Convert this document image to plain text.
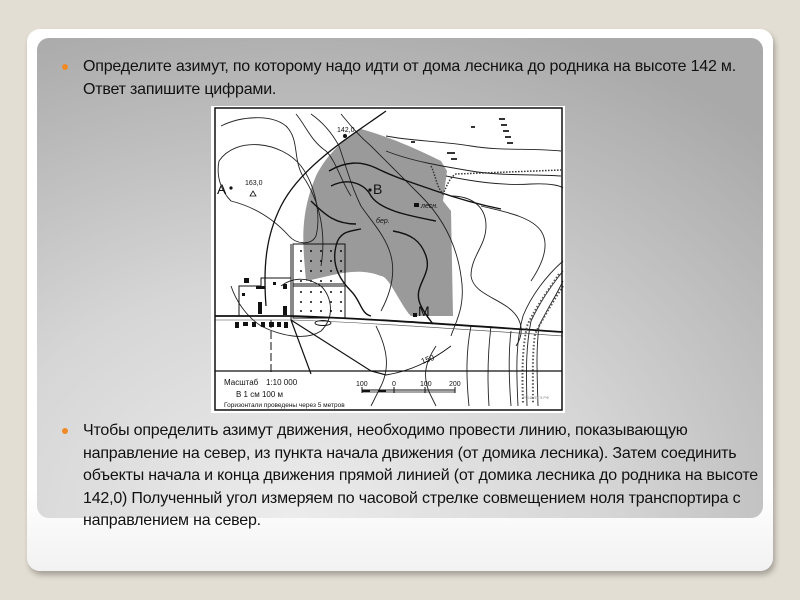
Определите азимут, по которому надо идти от дома лесника до родника на высоте 142 м. Ответ запишите цифрами.
A	163,0
142,0
B
лесн.
бер.
M
150
Масштаб 1:10 000
В 1 см 100 м
Горизонтали проведены через 5 метров
100	0	100 200
РЕШУЕГЭ.РФ
Чтобы определить азимут движения, необходимо провести линию, показывающую направление на север, из пункта начала движения (от домика лесника). Затем соединить объекты начала и конца движения прямой линией (от домика лесника до родника на высоте 142,0) Полученный угол измеряем по часовой стрелке совмещением ноля транспортира с направлением на север.
